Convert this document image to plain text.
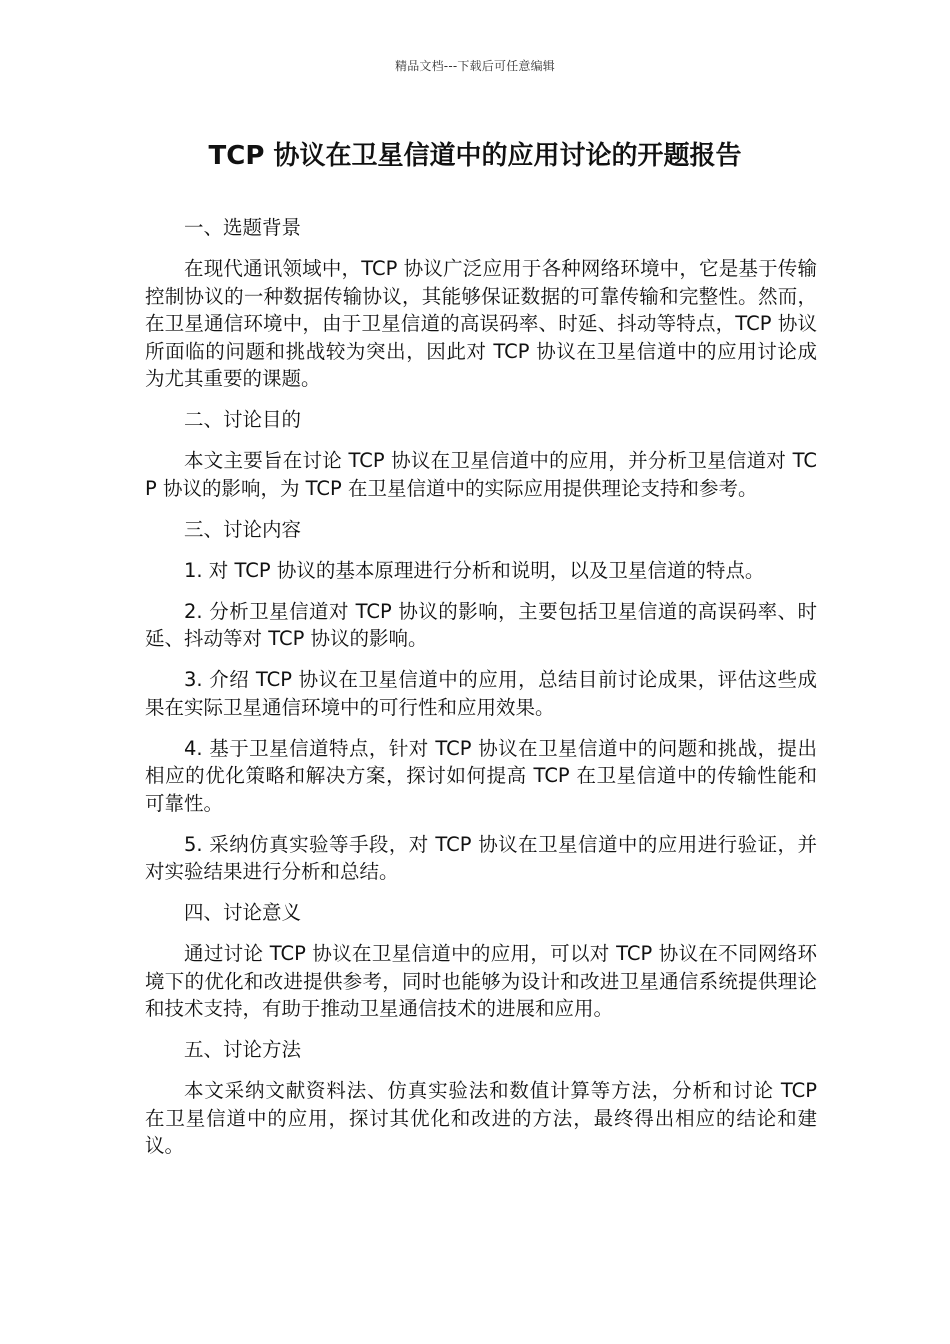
精品文档---下载后可任意编辑
TCP 协议在卫星信道中的应用讨论的开题报告

一、选题背景

在现代通讯领域中，TCP 协议广泛应用于各种网络环境中，它是基于传输控制协议的一种数据传输协议，其能够保证数据的可靠传输和完整性。然而，在卫星通信环境中，由于卫星信道的高误码率、时延、抖动等特点，TCP 协议所面临的问题和挑战较为突出，因此对 TCP 协议在卫星信道中的应用讨论成为尤其重要的课题。

二、讨论目的

本文主要旨在讨论 TCP 协议在卫星信道中的应用，并分析卫星信道对 TCP 协议的影响，为 TCP 在卫星信道中的实际应用提供理论支持和参考。

三、讨论内容

1. 对 TCP 协议的基本原理进行分析和说明，以及卫星信道的特点。

2. 分析卫星信道对 TCP 协议的影响，主要包括卫星信道的高误码率、时延、抖动等对 TCP 协议的影响。

3. 介绍 TCP 协议在卫星信道中的应用，总结目前讨论成果，评估这些成果在实际卫星通信环境中的可行性和应用效果。

4. 基于卫星信道特点，针对 TCP 协议在卫星信道中的问题和挑战，提出相应的优化策略和解决方案，探讨如何提高 TCP 在卫星信道中的传输性能和可靠性。

5. 采纳仿真实验等手段，对 TCP 协议在卫星信道中的应用进行验证，并对实验结果进行分析和总结。

四、讨论意义

通过讨论 TCP 协议在卫星信道中的应用，可以对 TCP 协议在不同网络环境下的优化和改进提供参考，同时也能够为设计和改进卫星通信系统提供理论和技术支持，有助于推动卫星通信技术的进展和应用。

五、讨论方法

本文采纳文献资料法、仿真实验法和数值计算等方法，分析和讨论 TCP 在卫星信道中的应用，探讨其优化和改进的方法，最终得出相应的结论和建议。
